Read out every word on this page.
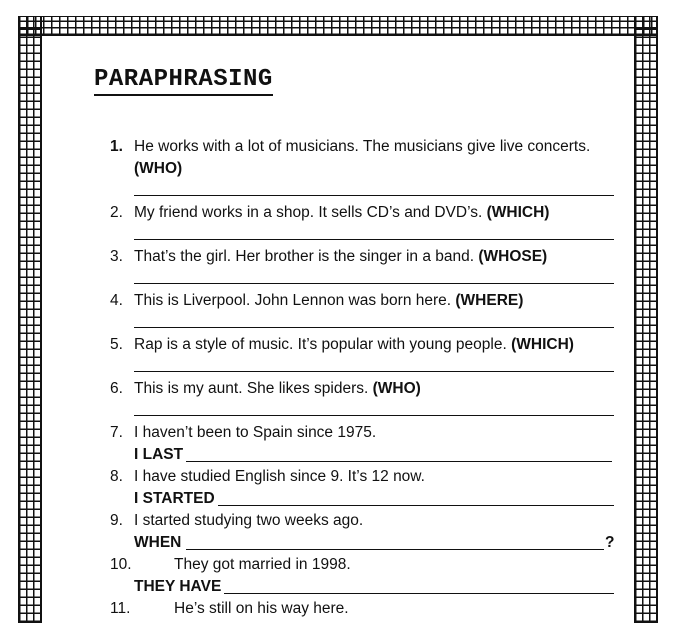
PARAPHRASING
1. He works with a lot of musicians. The musicians give live concerts.
(WHO)
2. My friend works in a shop. It sells CD’s and DVD’s. (WHICH)
3. That’s the girl. Her brother is the singer in a band. (WHOSE)
4. This is Liverpool. John Lennon was born here. (WHERE)
5. Rap is a style of music. It’s popular with young people. (WHICH)
6. This is my aunt. She likes spiders. (WHO)
7. I haven’t been to Spain since 1975.
I LAST
8. I have studied English since 9. It’s 12 now.
I STARTED
9. I started studying two weeks ago.
WHEN	?
10.	They got married in 1998.
THEY HAVE
11.	He’s still on his way here.
